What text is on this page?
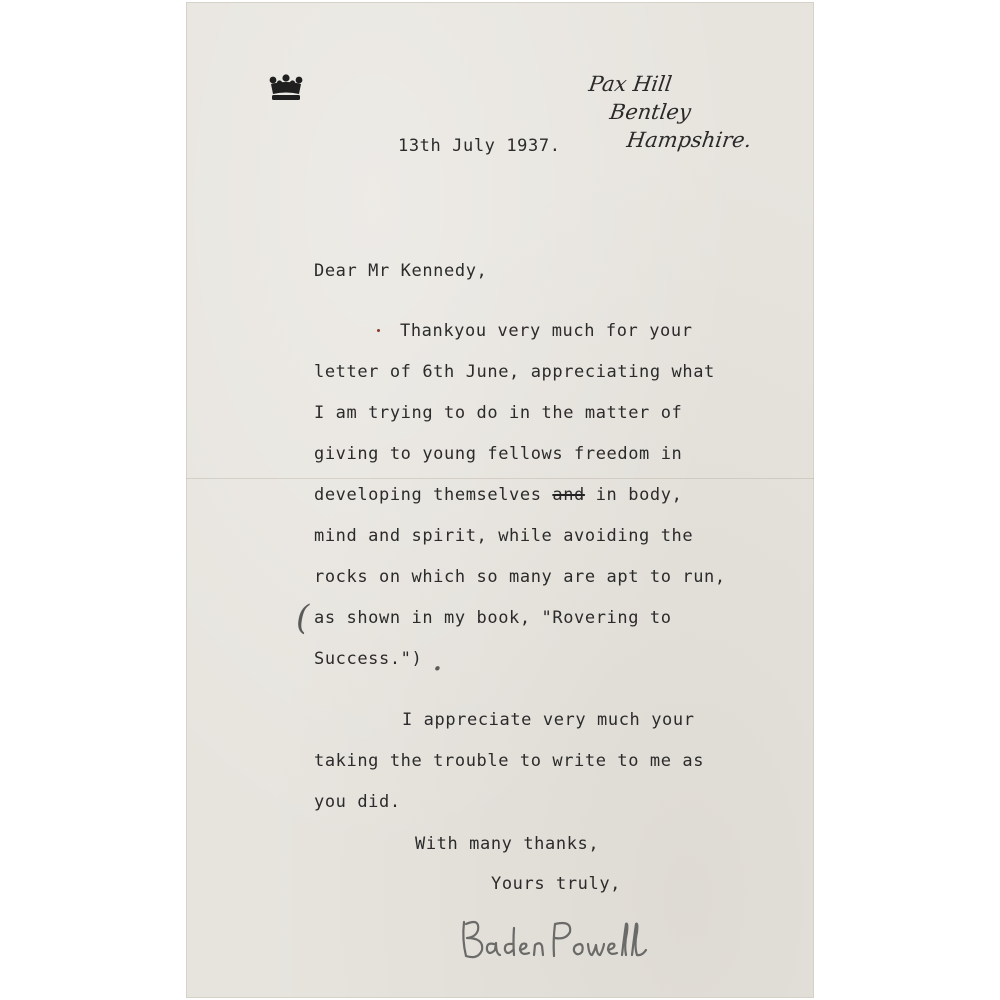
Pax Hill
Bentley
Hampshire.
13th July 1937.
Dear Mr Kennedy,
Thankyou very much for your
letter of 6th June, appreciating what
I am trying to do in the matter of
giving to young fellows freedom in
developing themselves and in body,
mind and spirit, while avoiding the
rocks on which so many are apt to run,
( as shown in my book, "Rovering to
Success.") .
I appreciate very much your
taking the trouble to write to me as
you did.
With many thanks,
Yours truly,
